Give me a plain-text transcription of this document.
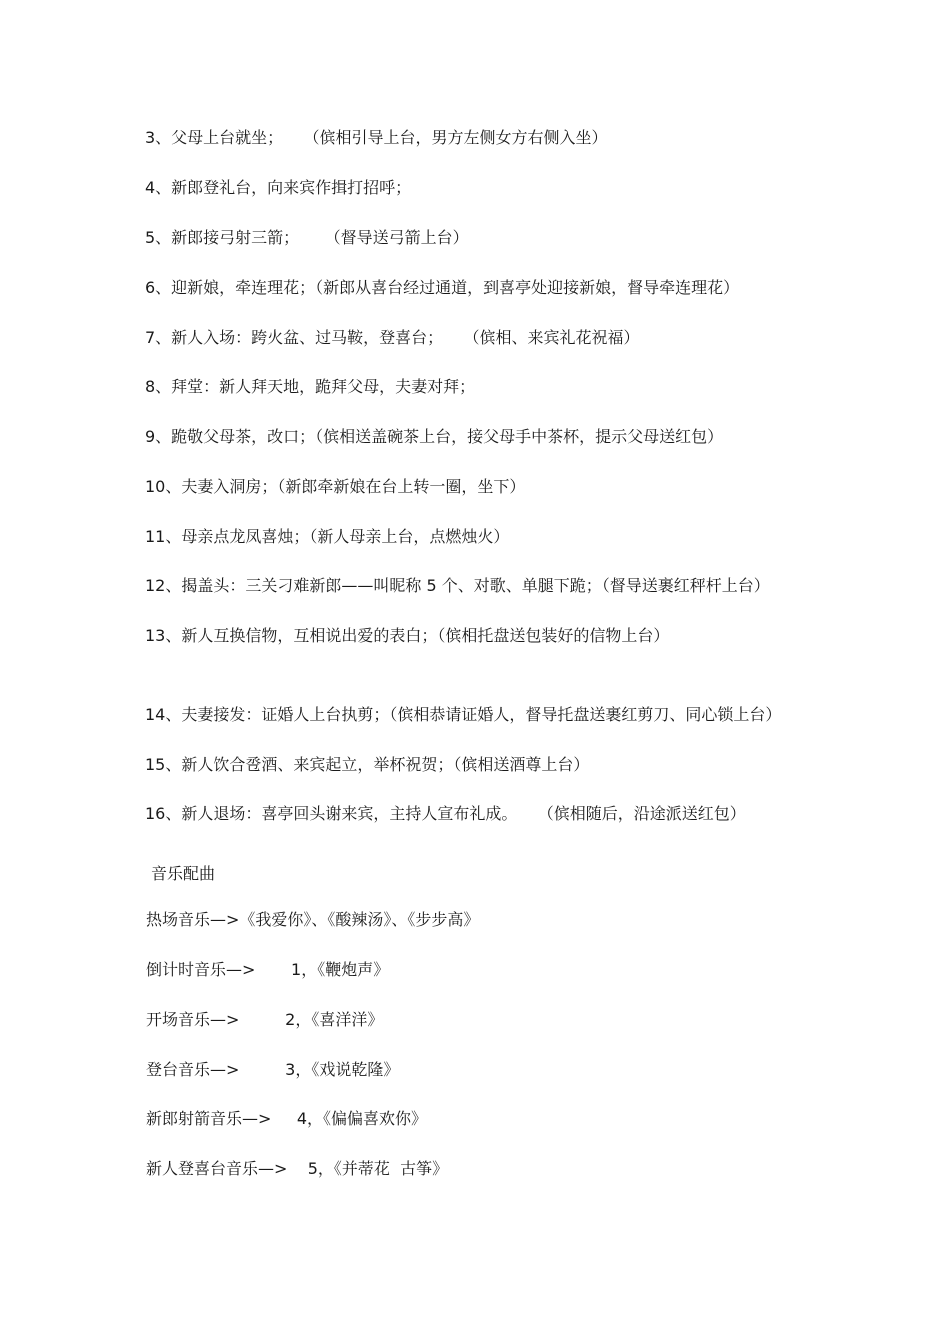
3、父母上台就坐；    （傧相引导上台，男方左侧女方右侧入坐）
4、新郎登礼台，向来宾作揖打招呼；
5、新郎接弓射三箭；     （督导送弓箭上台）
6、迎新娘，牵连理花；（新郎从喜台经过通道，到喜亭处迎接新娘，督导牵连理花）
7、新人入场：跨火盆、过马鞍，登喜台；    （傧相、来宾礼花祝福）
8、拜堂：新人拜天地，跪拜父母，夫妻对拜；
9、跪敬父母茶，改口；（傧相送盖碗茶上台，接父母手中茶杯，提示父母送红包）
10、夫妻入洞房；（新郎牵新娘在台上转一圈，坐下）
11、母亲点龙凤喜烛；（新人母亲上台，点燃烛火）
12、揭盖头：三关刁难新郎——叫昵称 5 个、对歌、单腿下跪；（督导送裹红秤杆上台）
13、新人互换信物，互相说出爱的表白；（傧相托盘送包装好的信物上台）
14、夫妻接发：证婚人上台执剪；（傧相恭请证婚人，督导托盘送裹红剪刀、同心锁上台）
15、新人饮合卺酒、来宾起立，举杯祝贺；（傧相送酒尊上台）
16、新人退场：喜亭回头谢来宾，主持人宣布礼成。    （傧相随后，沿途派送红包）
音乐配曲
热场音乐—>《我爱你》、《酸辣汤》、《步步高》
倒计时音乐—>       1，《鞭炮声》
开场音乐—>         2，《喜洋洋》
登台音乐—>         3，《戏说乾隆》
新郎射箭音乐—>     4，《偏偏喜欢你》
新人登喜台音乐—>    5，《并蒂花  古筝》
